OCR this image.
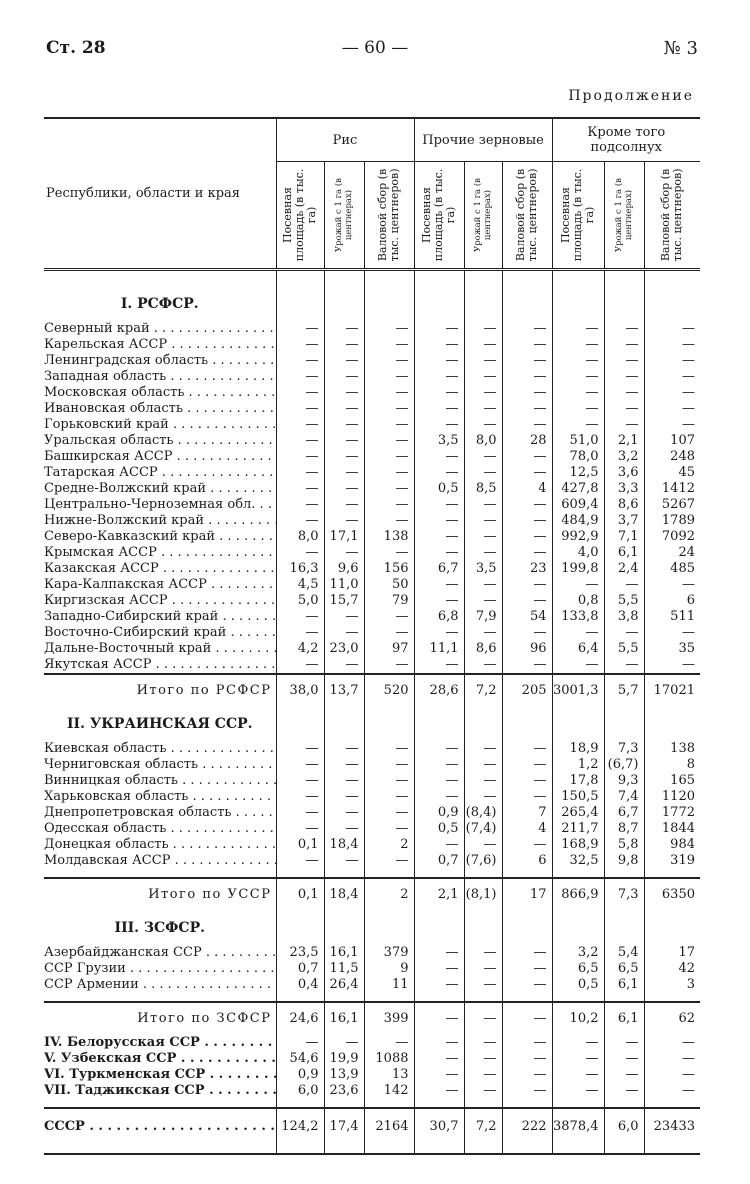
Ст. 28	— 60 —	№ 3
Продолжение

Республики, области и края	Рис			Прочие зерновые			Кроме того подсолнух		

	Посевная площадь (в тыс. га)	Урожай с 1 га (в центнерах)	Валовой сбор (в тыс. центнеров)	Посевная площадь (в тыс. га)	Урожай с 1 га (в центнерах)	Валовой сбор (в тыс. центнеров)	Посевная площадь (в тыс. га)	Урожай с 1 га (в центнерах)	Валовой сбор (в тыс. центнеров)

I. РСФСР.									
Северный край . . .	—	—	—	—	—	—	—	—	—
Карельская АССР . . .	—	—	—	—	—	—	—	—	—
Ленинградская область . . .	—	—	—	—	—	—	—	—	—
Западная область . . .	—	—	—	—	—	—	—	—	—
Московская область . . .	—	—	—	—	—	—	—	—	—
Ивановская область . . .	—	—	—	—	—	—	—	—	—
Горьковский край . . .	—	—	—	—	—	—	—	—	—
Уральская область . . .	—	—	—	3,5	8,0	28	51,0	2,1	107
Башкирская АССР . . .	—	—	—	—	—	—	78,0	3,2	248
Татарская АССР . . .	—	—	—	—	—	—	12,5	3,6	45
Средне-Волжский край . . .	—	—	—	0,5	8,5	4	427,8	3,3	1412
Центрально-Черноземная обл. . . .	—	—	—	—	—	—	609,4	8,6	5267
Нижне-Волжский край . . .	—	—	—	—	—	—	484,9	3,7	1789
Северо-Кавказский край . . .	8,0	17,1	138	—	—	—	992,9	7,1	7092
Крымская АССР . . .	—	—	—	—	—	—	4,0	6,1	24
Казакская АССР . . .	16,3	9,6	156	6,7	3,5	23	199,8	2,4	485
Кара-Калпакская АССР . . .	4,5	11,0	50	—	—	—	—	—	—
Киргизская АССР . . .	5,0	15,7	79	—	—	—	0,8	5,5	6
Западно-Сибирский край . . .	—	—	—	6,8	7,9	54	133,8	3,8	511
Восточно-Сибирский край . . .	—	—	—	—	—	—	—	—	—
Дальне-Восточный край . . .	4,2	23,0	97	11,1	8,6	96	6,4	5,5	35
Якутская АССР . . .	—	—	—	—	—	—	—	—	—
Итого по РСФСР	38,0	13,7	520	28,6	7,2	205	3001,3	5,7	17021
II. УКРАИНСКАЯ ССР.									
Киевская область . . .	—	—	—	—	—	—	18,9	7,3	138
Черниговская область . . .	—	—	—	—	—	—	1,2	(6,7)	8
Винницкая область . . .	—	—	—	—	—	—	17,8	9,3	165
Харьковская область . . .	—	—	—	—	—	—	150,5	7,4	1120
Днепропетровская область . . .	—	—	—	0,9	(8,4)	7	265,4	6,7	1772
Одесская область . . .	—	—	—	0,5	(7,4)	4	211,7	8,7	1844
Донецкая область . . .	0,1	18,4	2	—	—	—	168,9	5,8	984
Молдавская АССР . . .	—	—	—	0,7	(7,6)	6	32,5	9,8	319

Итого по УССР	0,1	18,4	2	2,1	(8,1)	17	866,9	7,3	6350
III. ЗСФСР.									
Азербайджанская ССР . . .	23,5	16,1	379	—	—	—	3,2	5,4	17
ССР Грузии . . .	0,7	11,5	9	—	—	—	6,5	6,5	42
ССР Армении . . .	0,4	26,4	11	—	—	—	0,5	6,1	3

Итого по ЗСФСР	24,6	16,1	399	—	—	—	10,2	6,1	62
IV. Белорусская ССР . . .	—	—	—	—	—	—	—	—	—
V. Узбекская ССР . . .	54,6	19,9	1088	—	—	—	—	—	—
VI. Туркменская ССР . . .	0,9	13,9	13	—	—	—	—	—	—
VII. Таджикская ССР . . .	6,0	23,6	142	—	—	—	—	—	—

СССР . . .	124,2	17,4	2164	30,7	7,2	222	3878,4	6,0	23433
